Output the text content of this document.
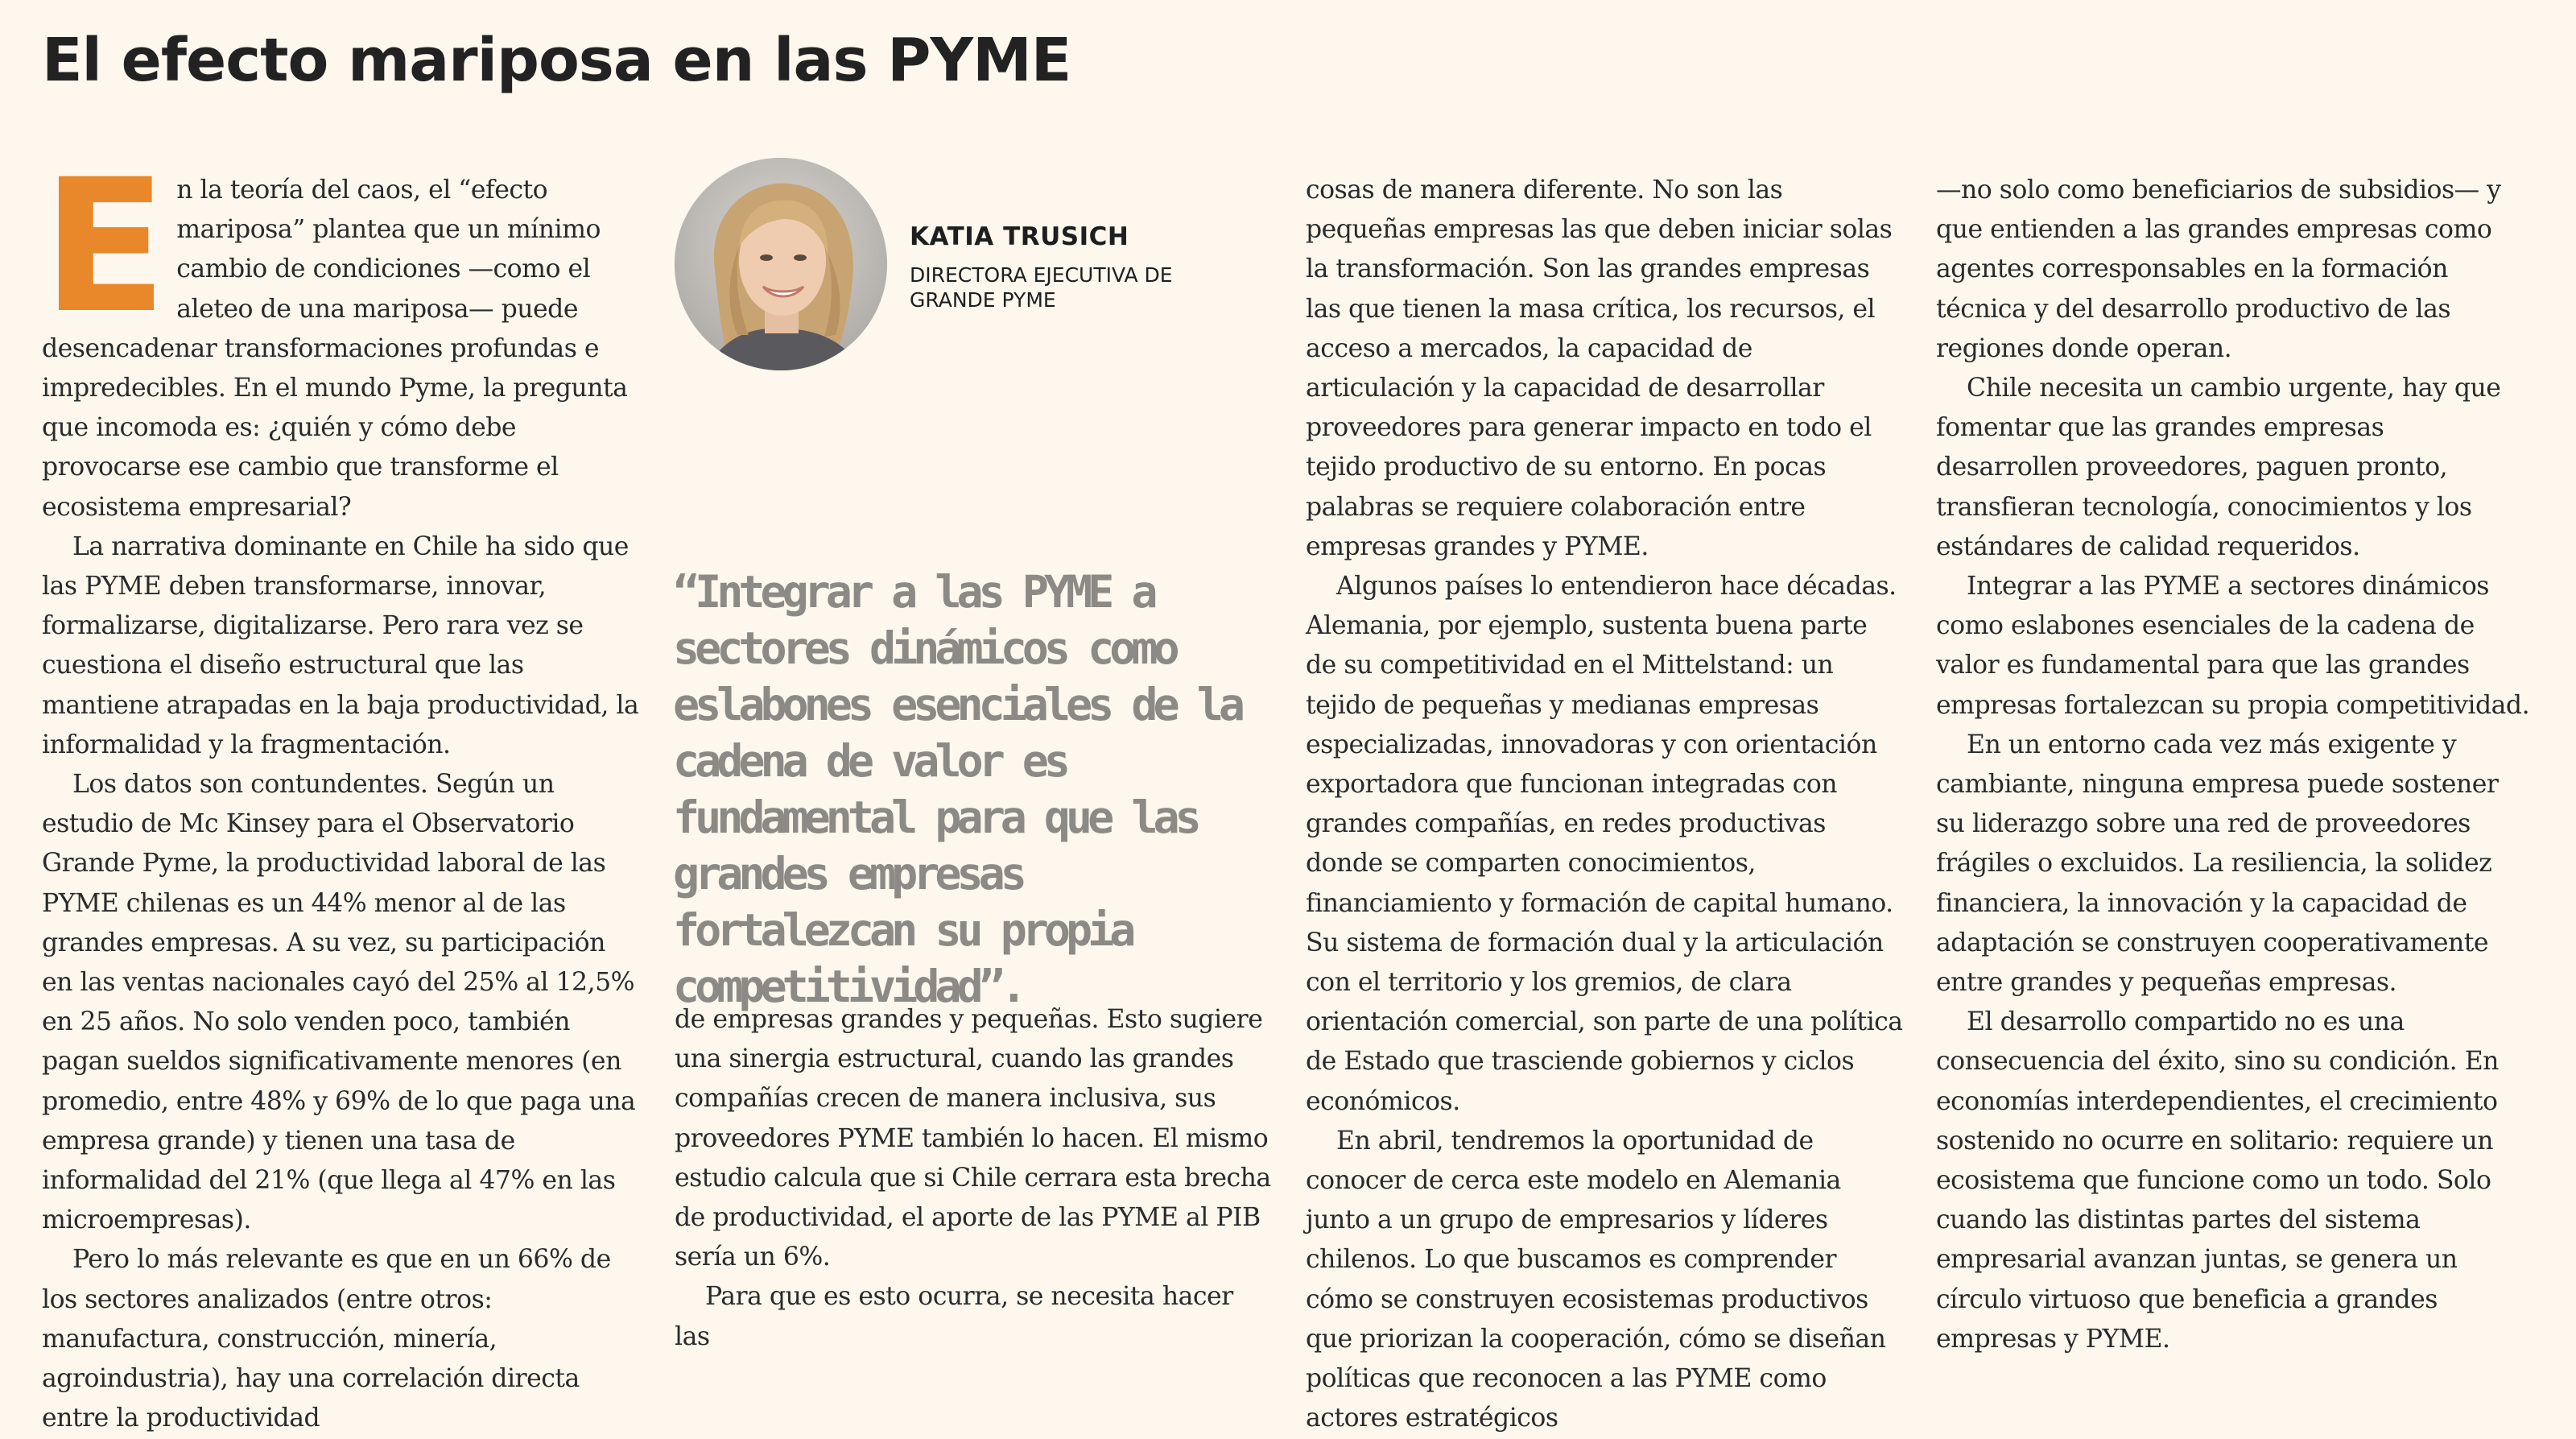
El efecto mariposa en las PYME
KATIA TRUSICH
DIRECTORA EJECUTIVA DE GRANDE PYME
“Integrar a las PYME a sectores dinámicos como eslabones esenciales de la cadena de valor es fundamental para que las grandes empresas fortalezcan su propia competitividad”.

En la teoría del caos, el “efecto mariposa” plantea que un mínimo cambio de condiciones —como el aleteo de una mariposa— puede desencadenar transformaciones profundas e impredecibles. En el mundo Pyme, la pregunta que incomoda es: ¿quién y cómo debe provocarse ese cambio que transforme el ecosistema empresarial?

La narrativa dominante en Chile ha sido que las PYME deben transformarse, innovar, formalizarse, digitalizarse. Pero rara vez se cuestiona el diseño estructural que las mantiene atrapadas en la baja productividad, la informalidad y la fragmentación.

Los datos son contundentes. Según un estudio de Mc Kinsey para el Observatorio Grande Pyme, la productividad laboral de las PYME chilenas es un 44% menor al de las grandes empresas. A su vez, su participación en las ventas nacionales cayó del 25% al 12,5% en 25 años. No solo venden poco, también pagan sueldos significativamente menores (en promedio, entre 48% y 69% de lo que paga una empresa grande) y tienen una tasa de informalidad del 21% (que llega al 47% en las microempresas).

Pero lo más relevante es que en un 66% de los sectores analizados (entre otros: manufactura, construcción, minería, agroindustria), hay una correlación directa entre la productividad

de empresas grandes y pequeñas. Esto sugiere una sinergia estructural, cuando las grandes compañías crecen de manera inclusiva, sus proveedores PYME también lo hacen. El mismo estudio calcula que si Chile cerrara esta brecha de productividad, el aporte de las PYME al PIB sería un 6%.

Para que es esto ocurra, se necesita hacer las

cosas de manera diferente. No son las pequeñas empresas las que deben iniciar solas la transformación. Son las grandes empresas las que tienen la masa crítica, los recursos, el acceso a mercados, la capacidad de articulación y la capacidad de desarrollar proveedores para generar impacto en todo el tejido productivo de su entorno. En pocas palabras se requiere colaboración entre empresas grandes y PYME.

Algunos países lo entendieron hace décadas. Alemania, por ejemplo, sustenta buena parte de su competitividad en el Mittelstand: un tejido de pequeñas y medianas empresas especializadas, innovadoras y con orientación exportadora que funcionan integradas con grandes compañías, en redes productivas donde se comparten conocimientos, financiamiento y formación de capital humano. Su sistema de formación dual y la articulación con el territorio y los gremios, de clara orientación comercial, son parte de una política de Estado que trasciende gobiernos y ciclos económicos.

En abril, tendremos la oportunidad de conocer de cerca este modelo en Alemania junto a un grupo de empresarios y líderes chilenos. Lo que buscamos es comprender cómo se construyen ecosistemas productivos que priorizan la cooperación, cómo se diseñan políticas que reconocen a las PYME como actores estratégicos

—no solo como beneficiarios de subsidios— y que entienden a las grandes empresas como agentes corresponsables en la formación técnica y del desarrollo productivo de las regiones donde operan.

Chile necesita un cambio urgente, hay que fomentar que las grandes empresas desarrollen proveedores, paguen pronto, transfieran tecnología, conocimientos y los estándares de calidad requeridos.

Integrar a las PYME a sectores dinámicos como eslabones esenciales de la cadena de valor es fundamental para que las grandes empresas fortalezcan su propia competitividad.

En un entorno cada vez más exigente y cambiante, ninguna empresa puede sostener su liderazgo sobre una red de proveedores frágiles o excluidos. La resiliencia, la solidez financiera, la innovación y la capacidad de adaptación se construyen cooperativamente entre grandes y pequeñas empresas.

El desarrollo compartido no es una consecuencia del éxito, sino su condición. En economías interdependientes, el crecimiento sostenido no ocurre en solitario: requiere un ecosistema que funcione como un todo. Solo cuando las distintas partes del sistema empresarial avanzan juntas, se genera un círculo virtuoso que beneficia a grandes empresas y PYME.
